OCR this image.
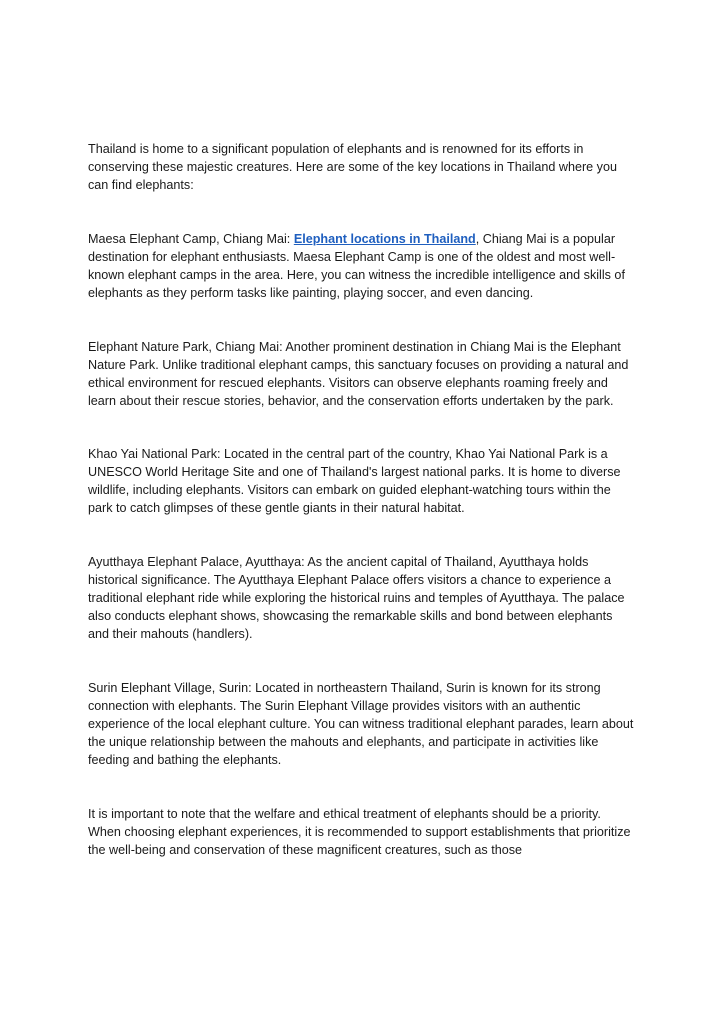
Thailand is home to a significant population of elephants and is renowned for its efforts in conserving these majestic creatures. Here are some of the key locations in Thailand where you can find elephants:

Maesa Elephant Camp, Chiang Mai: Elephant locations in Thailand, Chiang Mai is a popular destination for elephant enthusiasts. Maesa Elephant Camp is one of the oldest and most well-known elephant camps in the area. Here, you can witness the incredible intelligence and skills of elephants as they perform tasks like painting, playing soccer, and even dancing.

Elephant Nature Park, Chiang Mai: Another prominent destination in Chiang Mai is the Elephant Nature Park. Unlike traditional elephant camps, this sanctuary focuses on providing a natural and ethical environment for rescued elephants. Visitors can observe elephants roaming freely and learn about their rescue stories, behavior, and the conservation efforts undertaken by the park.

Khao Yai National Park: Located in the central part of the country, Khao Yai National Park is a UNESCO World Heritage Site and one of Thailand's largest national parks. It is home to diverse wildlife, including elephants. Visitors can embark on guided elephant-watching tours within the park to catch glimpses of these gentle giants in their natural habitat.

Ayutthaya Elephant Palace, Ayutthaya: As the ancient capital of Thailand, Ayutthaya holds historical significance. The Ayutthaya Elephant Palace offers visitors a chance to experience a traditional elephant ride while exploring the historical ruins and temples of Ayutthaya. The palace also conducts elephant shows, showcasing the remarkable skills and bond between elephants and their mahouts (handlers).

Surin Elephant Village, Surin: Located in northeastern Thailand, Surin is known for its strong connection with elephants. The Surin Elephant Village provides visitors with an authentic experience of the local elephant culture. You can witness traditional elephant parades, learn about the unique relationship between the mahouts and elephants, and participate in activities like feeding and bathing the elephants.

It is important to note that the welfare and ethical treatment of elephants should be a priority. When choosing elephant experiences, it is recommended to support establishments that prioritize the well-being and conservation of these magnificent creatures, such as those
